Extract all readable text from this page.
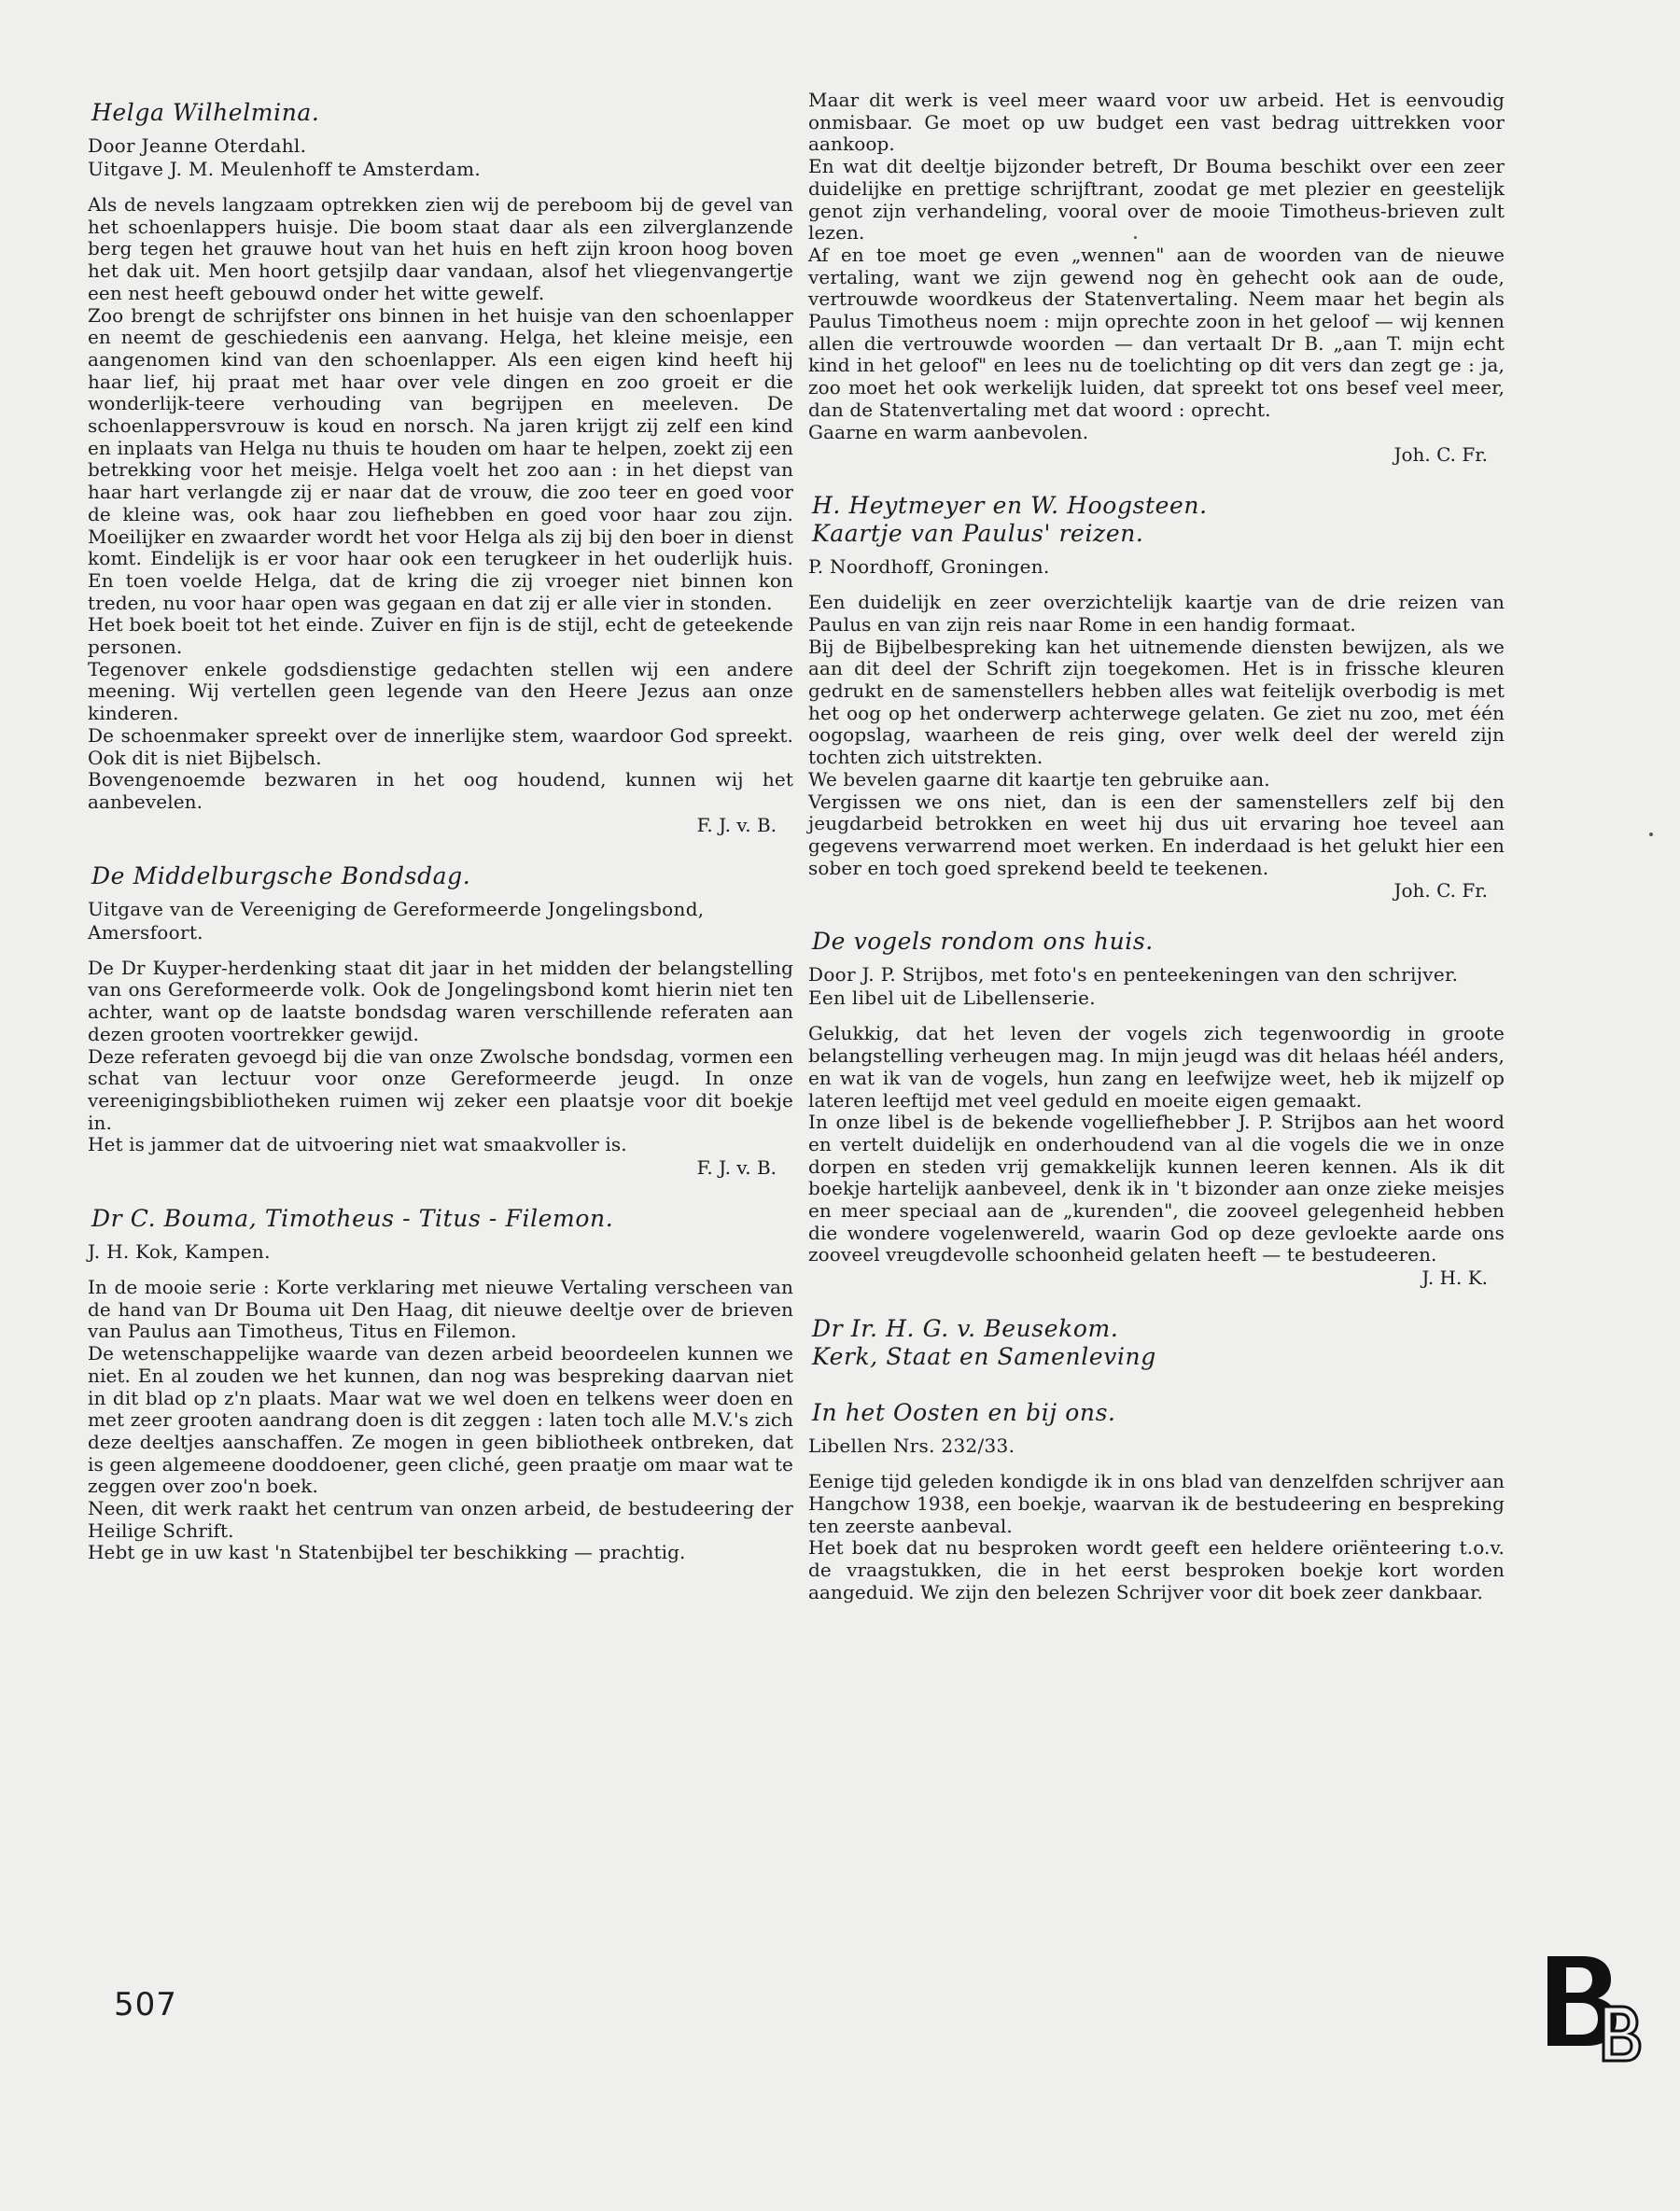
Helga Wilhelmina.
Door Jeanne Oterdahl.
Uitgave J. M. Meulenhoff te Amsterdam.

Als de nevels langzaam optrekken zien wij de pereboom bij de gevel van het schoenlappers huisje. Die boom staat daar als een zilverglanzende berg tegen het grauwe hout van het huis en heft zijn kroon hoog boven het dak uit. Men hoort getsjilp daar vandaan, alsof het vliegenvangertje een nest heeft gebouwd onder het witte gewelf.

Zoo brengt de schrijfster ons binnen in het huisje van den schoenlapper en neemt de geschiedenis een aanvang. Helga, het kleine meisje, een aangenomen kind van den schoenlapper. Als een eigen kind heeft hij haar lief, hij praat met haar over vele dingen en zoo groeit er die wonderlijk-teere verhouding van begrijpen en meeleven. De schoenlappersvrouw is koud en norsch. Na jaren krijgt zij zelf een kind en inplaats van Helga nu thuis te houden om haar te helpen, zoekt zij een betrekking voor het meisje. Helga voelt het zoo aan : in het diepst van haar hart verlangde zij er naar dat de vrouw, die zoo teer en goed voor de kleine was, ook haar zou liefhebben en goed voor haar zou zijn. Moeilijker en zwaarder wordt het voor Helga als zij bij den boer in dienst komt. Eindelijk is er voor haar ook een terugkeer in het ouderlijk huis. En toen voelde Helga, dat de kring die zij vroeger niet binnen kon treden, nu voor haar open was gegaan en dat zij er alle vier in stonden.

Het boek boeit tot het einde. Zuiver en fijn is de stijl, echt de geteekende personen.

Tegenover enkele godsdienstige gedachten stellen wij een andere meening. Wij vertellen geen legende van den Heere Jezus aan onze kinderen.

De schoenmaker spreekt over de innerlijke stem, waardoor God spreekt. Ook dit is niet Bijbelsch.

Bovengenoemde bezwaren in het oog houdend, kunnen wij het aanbevelen.

F. J. v. B.
De Middelburgsche Bondsdag.
Uitgave van de Vereeniging de Gereformeerde Jongelingsbond, Amersfoort.

De Dr Kuyper-herdenking staat dit jaar in het midden der belangstelling van ons Gereformeerde volk. Ook de Jongelingsbond komt hierin niet ten achter, want op de laatste bondsdag waren verschillende referaten aan dezen grooten voortrekker gewijd.

Deze referaten gevoegd bij die van onze Zwolsche bondsdag, vormen een schat van lectuur voor onze Gereformeerde jeugd. In onze vereenigingsbibliotheken ruimen wij zeker een plaatsje voor dit boekje in.

Het is jammer dat de uitvoering niet wat smaakvoller is.

F. J. v. B.
Dr C. Bouma, Timotheus - Titus - Filemon.
J. H. Kok, Kampen.

In de mooie serie : Korte verklaring met nieuwe Vertaling verscheen van de hand van Dr Bouma uit Den Haag, dit nieuwe deeltje over de brieven van Paulus aan Timotheus, Titus en Filemon.

De wetenschappelijke waarde van dezen arbeid beoordeelen kunnen we niet. En al zouden we het kunnen, dan nog was bespreking daarvan niet in dit blad op z'n plaats. Maar wat we wel doen en telkens weer doen en met zeer grooten aandrang doen is dit zeggen : laten toch alle M.V.'s zich deze deeltjes aanschaffen. Ze mogen in geen bibliotheek ontbreken, dat is geen algemeene dooddoener, geen cliché, geen praatje om maar wat te zeggen over zoo'n boek.

Neen, dit werk raakt het centrum van onzen arbeid, de bestudeering der Heilige Schrift.

Hebt ge in uw kast 'n Statenbijbel ter beschikking — prachtig.

Maar dit werk is veel meer waard voor uw arbeid. Het is eenvoudig onmisbaar. Ge moet op uw budget een vast bedrag uittrekken voor aankoop.

En wat dit deeltje bijzonder betreft, Dr Bouma beschikt over een zeer duidelijke en prettige schrijftrant, zoodat ge met plezier en geestelijk genot zijn verhandeling, vooral over de mooie Timotheus-brieven zult lezen.

Af en toe moet ge even „wennen" aan de woorden van de nieuwe vertaling, want we zijn gewend nog èn gehecht ook aan de oude, vertrouwde woordkeus der Statenvertaling. Neem maar het begin als Paulus Timotheus noem : mijn oprechte zoon in het geloof — wij kennen allen die vertrouwde woorden — dan vertaalt Dr B. „aan T. mijn echt kind in het geloof" en lees nu de toelichting op dit vers dan zegt ge : ja, zoo moet het ook werkelijk luiden, dat spreekt tot ons besef veel meer, dan de Statenvertaling met dat woord : oprecht.

Gaarne en warm aanbevolen.

Joh. C. Fr.
H. Heytmeyer en W. Hoogsteen.
Kaartje van Paulus' reizen.
P. Noordhoff, Groningen.

Een duidelijk en zeer overzichtelijk kaartje van de drie reizen van Paulus en van zijn reis naar Rome in een handig formaat.

Bij de Bijbelbespreking kan het uitnemende diensten bewijzen, als we aan dit deel der Schrift zijn toegekomen. Het is in frissche kleuren gedrukt en de samenstellers hebben alles wat feitelijk overbodig is met het oog op het onderwerp achterwege gelaten. Ge ziet nu zoo, met één oogopslag, waarheen de reis ging, over welk deel der wereld zijn tochten zich uitstrekten.

We bevelen gaarne dit kaartje ten gebruike aan.

Vergissen we ons niet, dan is een der samenstellers zelf bij den jeugdarbeid betrokken en weet hij dus uit ervaring hoe teveel aan gegevens verwarrend moet werken. En inderdaad is het gelukt hier een sober en toch goed sprekend beeld te teekenen.

Joh. C. Fr.
De vogels rondom ons huis.
Door J. P. Strijbos, met foto's en penteekeningen van den schrijver.
Een libel uit de Libellenserie.

Gelukkig, dat het leven der vogels zich tegenwoordig in groote belangstelling verheugen mag. In mijn jeugd was dit helaas héél anders, en wat ik van de vogels, hun zang en leefwijze weet, heb ik mijzelf op lateren leeftijd met veel geduld en moeite eigen gemaakt.

In onze libel is de bekende vogelliefhebber J. P. Strijbos aan het woord en vertelt duidelijk en onderhoudend van al die vogels die we in onze dorpen en steden vrij gemakkelijk kunnen leeren kennen. Als ik dit boekje hartelijk aanbeveel, denk ik in 't bizonder aan onze zieke meisjes en meer speciaal aan de „kurenden", die zooveel gelegenheid hebben die wondere vogelenwereld, waarin God op deze gevloekte aarde ons zooveel vreugdevolle schoonheid gelaten heeft — te bestudeeren.

J. H. K.
Dr Ir. H. G. v. Beusekom.
Kerk, Staat en Samenleving

In het Oosten en bij ons.
Libellen Nrs. 232/33.

Eenige tijd geleden kondigde ik in ons blad van denzelfden schrijver aan Hangchow 1938, een boekje, waarvan ik de bestudeering en bespreking ten zeerste aanbeval.

Het boek dat nu besproken wordt geeft een heldere oriënteering t.o.v. de vraagstukken, die in het eerst besproken boekje kort worden aangeduid. We zijn den belezen Schrijver voor dit boek zeer dankbaar.

507
